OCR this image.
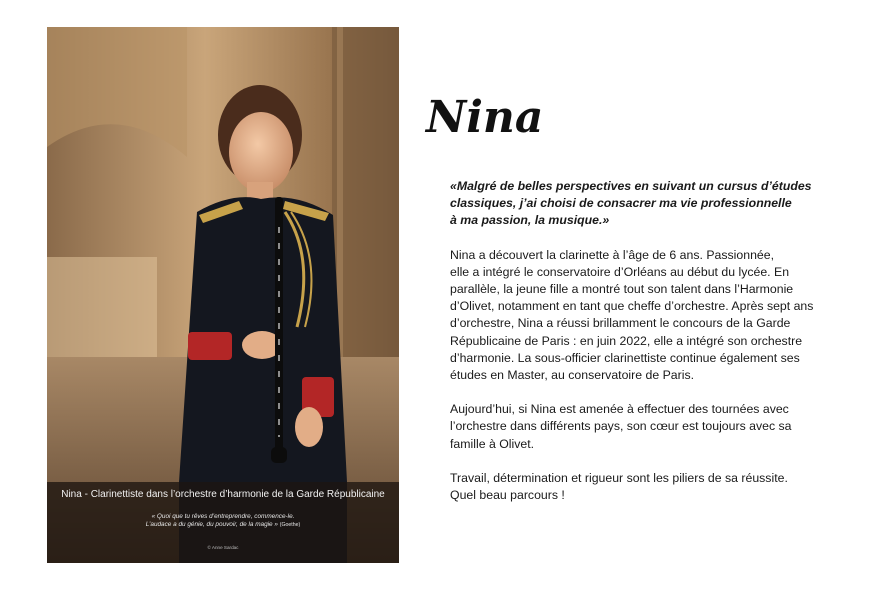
Nina - Clarinettiste dans l’orchestre d’harmonie de la Garde Républicaine
« Quoi que tu rêves d’entreprendre, commence-le.
L’audace a du génie, du pouvoir, de la magie » (Goethe)
© Anne Sardac
Nina

«Malgré de belles perspectives en suivant un cursus d’études
classiques, j’ai choisi de consacrer ma vie professionnelle
à ma passion, la musique.»

Nina a découvert la clarinette à l’âge de 6 ans. Passionnée,
elle a intégré le conservatoire d’Orléans au début du lycée. En
parallèle, la jeune fille a montré tout son talent dans l’Harmonie
d’Olivet, notamment en tant que cheffe d’orchestre. Après sept ans
d’orchestre, Nina a réussi brillamment le concours de la Garde
Républicaine de Paris : en juin 2022, elle a intégré son orchestre
d’harmonie. La sous-officier clarinettiste continue également ses
études en Master, au conservatoire de Paris.

Aujourd’hui, si Nina est amenée à effectuer des tournées avec
l’orchestre dans différents pays, son cœur est toujours avec sa
famille à Olivet.

Travail, détermination et rigueur sont les piliers de sa réussite.
Quel beau parcours !
